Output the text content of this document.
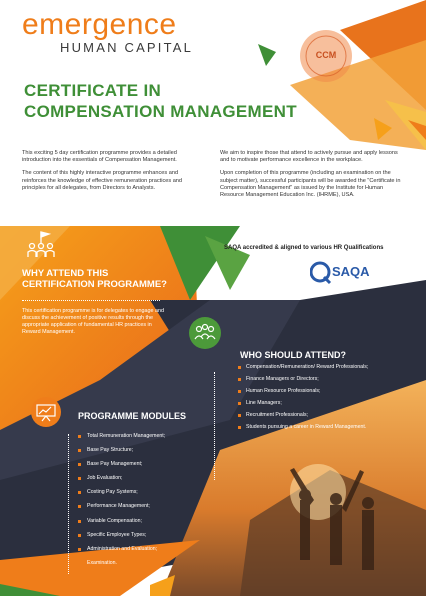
emergence
HUMAN CAPITAL	CCM
CERTIFICATE IN
COMPENSATION MANAGEMENT

This exciting 5 day certification programme provides a detailed introduction into the essentials of Compensation Management.

The content of this highly interactive programme enhances and reinforces the knowledge of effective remuneration practices and principles for all delegates, from Directors to Analysts.

We aim to inspire those that attend to actively pursue and apply lessons and to motivate performance excellence in the workplace.

Upon completion of this programme (including an examination on the subject matter), successful participants will be awarded the "Certificate in Compensation Management" as issued by the Institute for Human Resource Management Education Inc. (IHRME), USA.

SAQA accredited & aligned to various HR Qualifications
SAQA
WHY ATTEND THIS
CERTIFICATION PROGRAMME?
This certification programme is for delegates to engage and discuss the achievement of positive results through the appropriate application of fundamental HR practices in Reward Management.
WHO SHOULD ATTEND?
Compensation/Remuneration/ Reward Professionals;
Finance Managers or Directors;
Human Resource Professionals;
Line Managers;
Recruitment Professionals;
Students pursuing a career in Reward Management.
PROGRAMME MODULES
Total Remuneration Management;
Base Pay Structure;
Base Pay Management;
Job Evaluation;
Costing Pay Systems;
Performance Management;
Variable Compensation;
Specific Employee Types;
Administration and Evaluation;
Examination.
